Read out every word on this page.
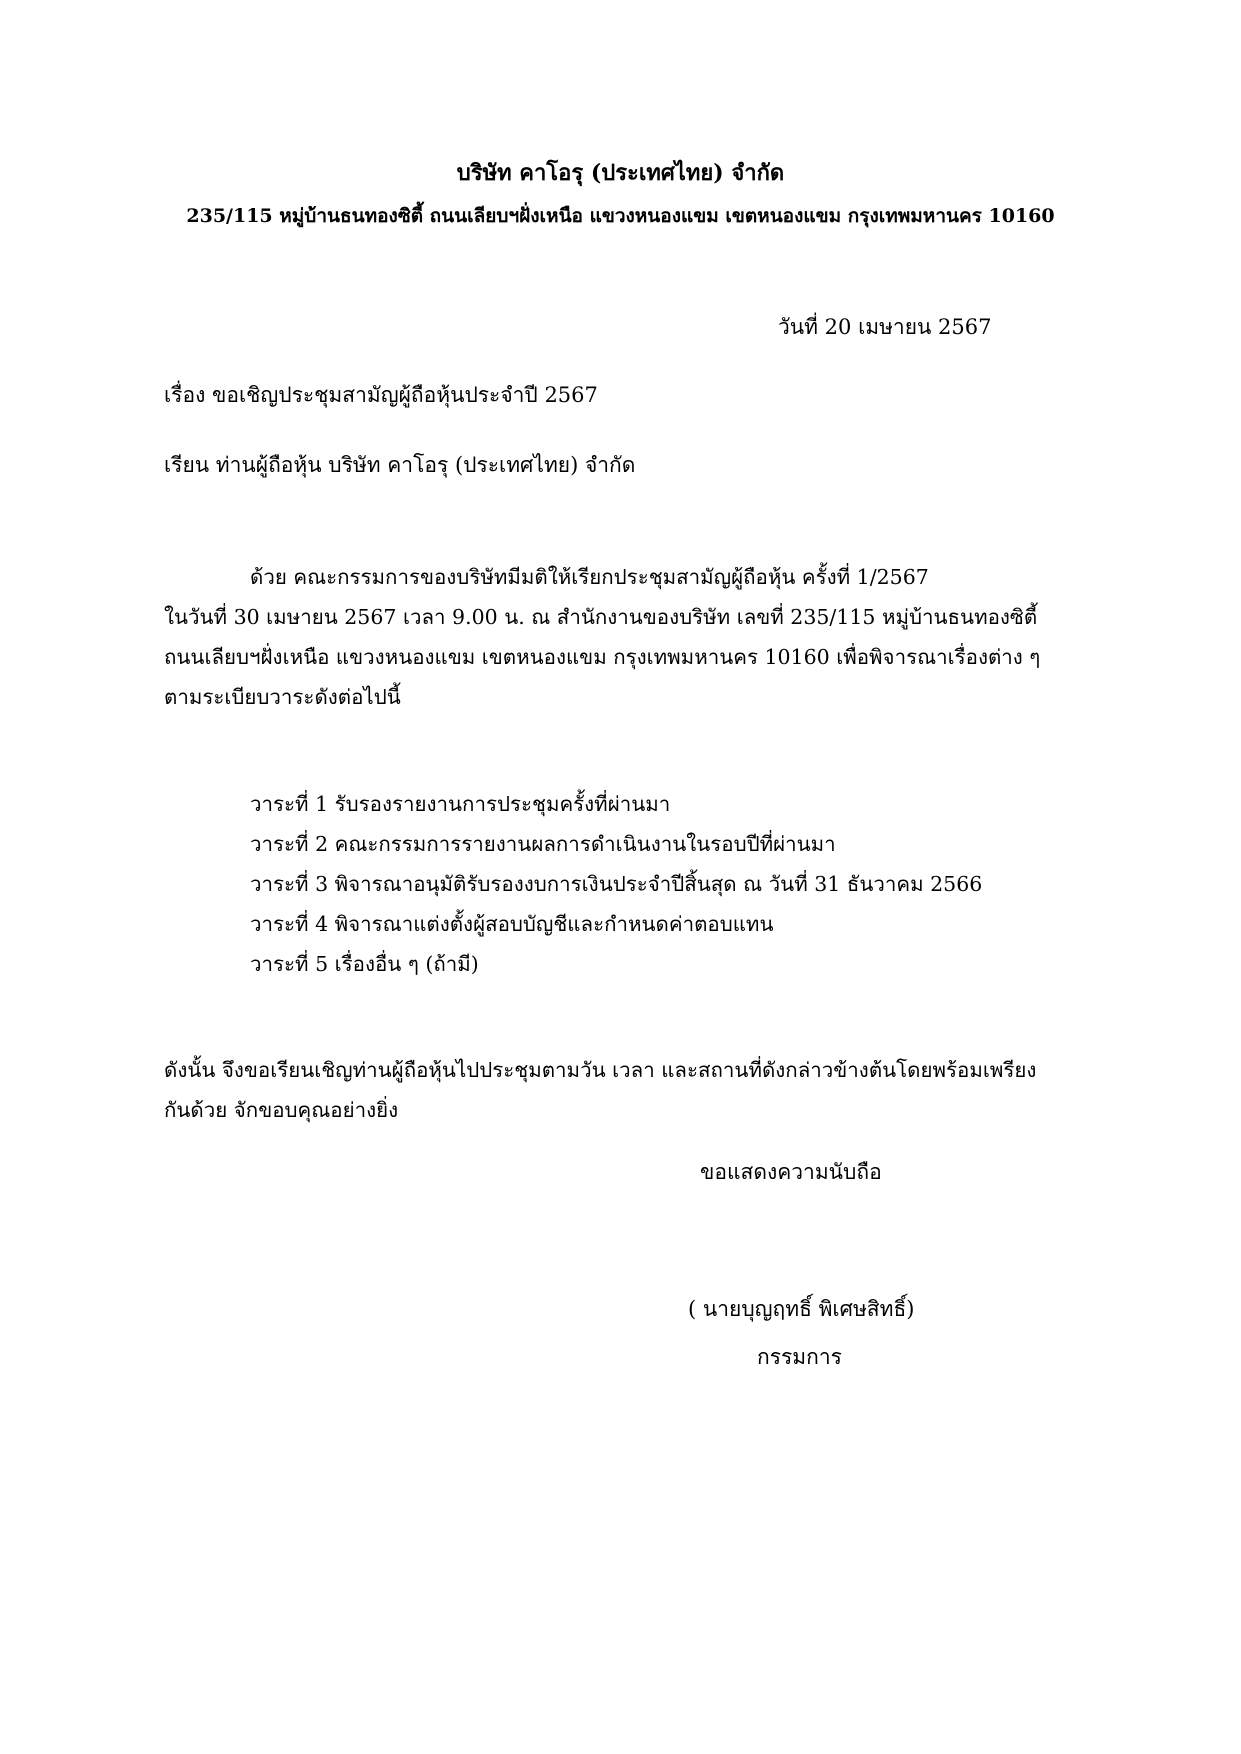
บริษัท คาโอรุ (ประเทศไทย) จำกัด
235/115 หมู่บ้านธนทองซิตี้ ถนนเลียบฯฝั่งเหนือ แขวงหนองแขม เขตหนองแขม กรุงเทพมหานคร 10160
วันที่ 20 เมษายน 2567
เรื่อง ขอเชิญประชุมสามัญผู้ถือหุ้นประจำปี 2567
เรียน ท่านผู้ถือหุ้น บริษัท คาโอรุ (ประเทศไทย) จำกัด
ด้วย คณะกรรมการของบริษัทมีมติให้เรียกประชุมสามัญผู้ถือหุ้น ครั้งที่ 1/2567
ในวันที่ 30 เมษายน 2567 เวลา 9.00 น. ณ สำนักงานของบริษัท เลขที่ 235/115 หมู่บ้านธนทองซิตี้
ถนนเลียบฯฝั่งเหนือ แขวงหนองแขม เขตหนองแขม กรุงเทพมหานคร 10160 เพื่อพิจารณาเรื่องต่าง ๆ
ตามระเบียบวาระดังต่อไปนี้
วาระที่ 1 รับรองรายงานการประชุมครั้งที่ผ่านมา
วาระที่ 2 คณะกรรมการรายงานผลการดำเนินงานในรอบปีที่ผ่านมา
วาระที่ 3 พิจารณาอนุมัติรับรองงบการเงินประจำปีสิ้นสุด ณ วันที่ 31 ธันวาคม 2566
วาระที่ 4 พิจารณาแต่งตั้งผู้สอบบัญชีและกำหนดค่าตอบแทน
วาระที่ 5 เรื่องอื่น ๆ (ถ้ามี)
ดังนั้น จึงขอเรียนเชิญท่านผู้ถือหุ้นไปประชุมตามวัน เวลา และสถานที่ดังกล่าวข้างต้นโดยพร้อมเพรียง
กันด้วย จักขอบคุณอย่างยิ่ง
ขอแสดงความนับถือ
( นายบุญฤทธิ์ พิเศษสิทธิ์)
กรรมการ
